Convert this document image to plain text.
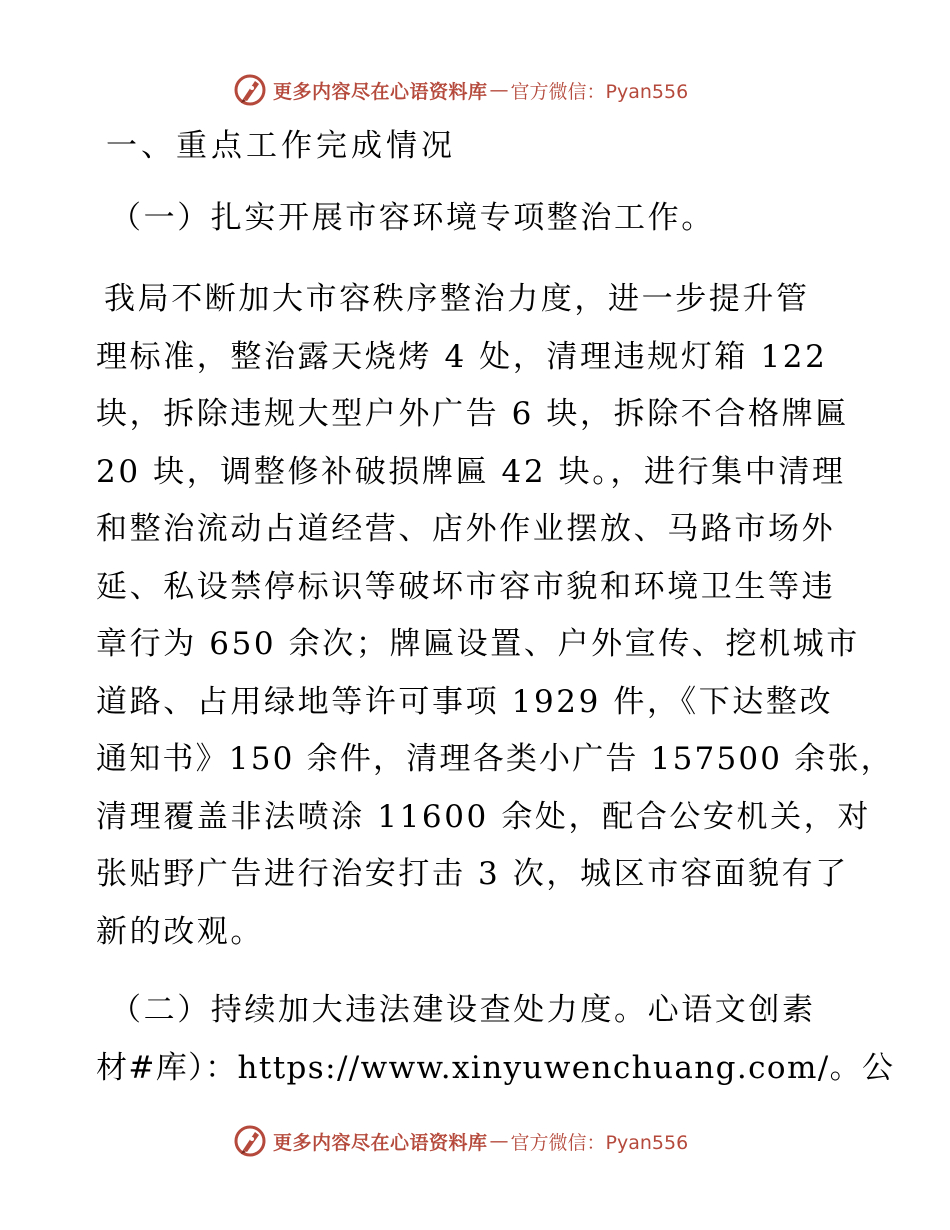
更多内容尽在心语资料库 — 官方微信：Pyan556
一、重点工作完成情况
（一）扎实开展市容环境专项整治工作。
我局不断加大市容秩序整治力度，进一步提升管
理标准，整治露天烧烤 4 处，清理违规灯箱 122
块，拆除违规大型户外广告 6 块，拆除不合格牌匾
20 块，调整修补破损牌匾 42 块。，进行集中清理
和整治流动占道经营、店外作业摆放、马路市场外
延、私设禁停标识等破坏市容市貌和环境卫生等违
章行为 650 余次；牌匾设置、户外宣传、挖机城市
道路、占用绿地等许可事项 1929 件，《下达整改
通知书》150 余件，清理各类小广告 157500 余张，
清理覆盖非法喷涂 11600 余处，配合公安机关，对
张贴野广告进行治安打击 3 次，城区市容面貌有了
新的改观。
（二）持续加大违法建设查处力度。心语文创素
材#库）：https://www.xinyuwenchuang.com/。公
更多内容尽在心语资料库 — 官方微信：Pyan556
